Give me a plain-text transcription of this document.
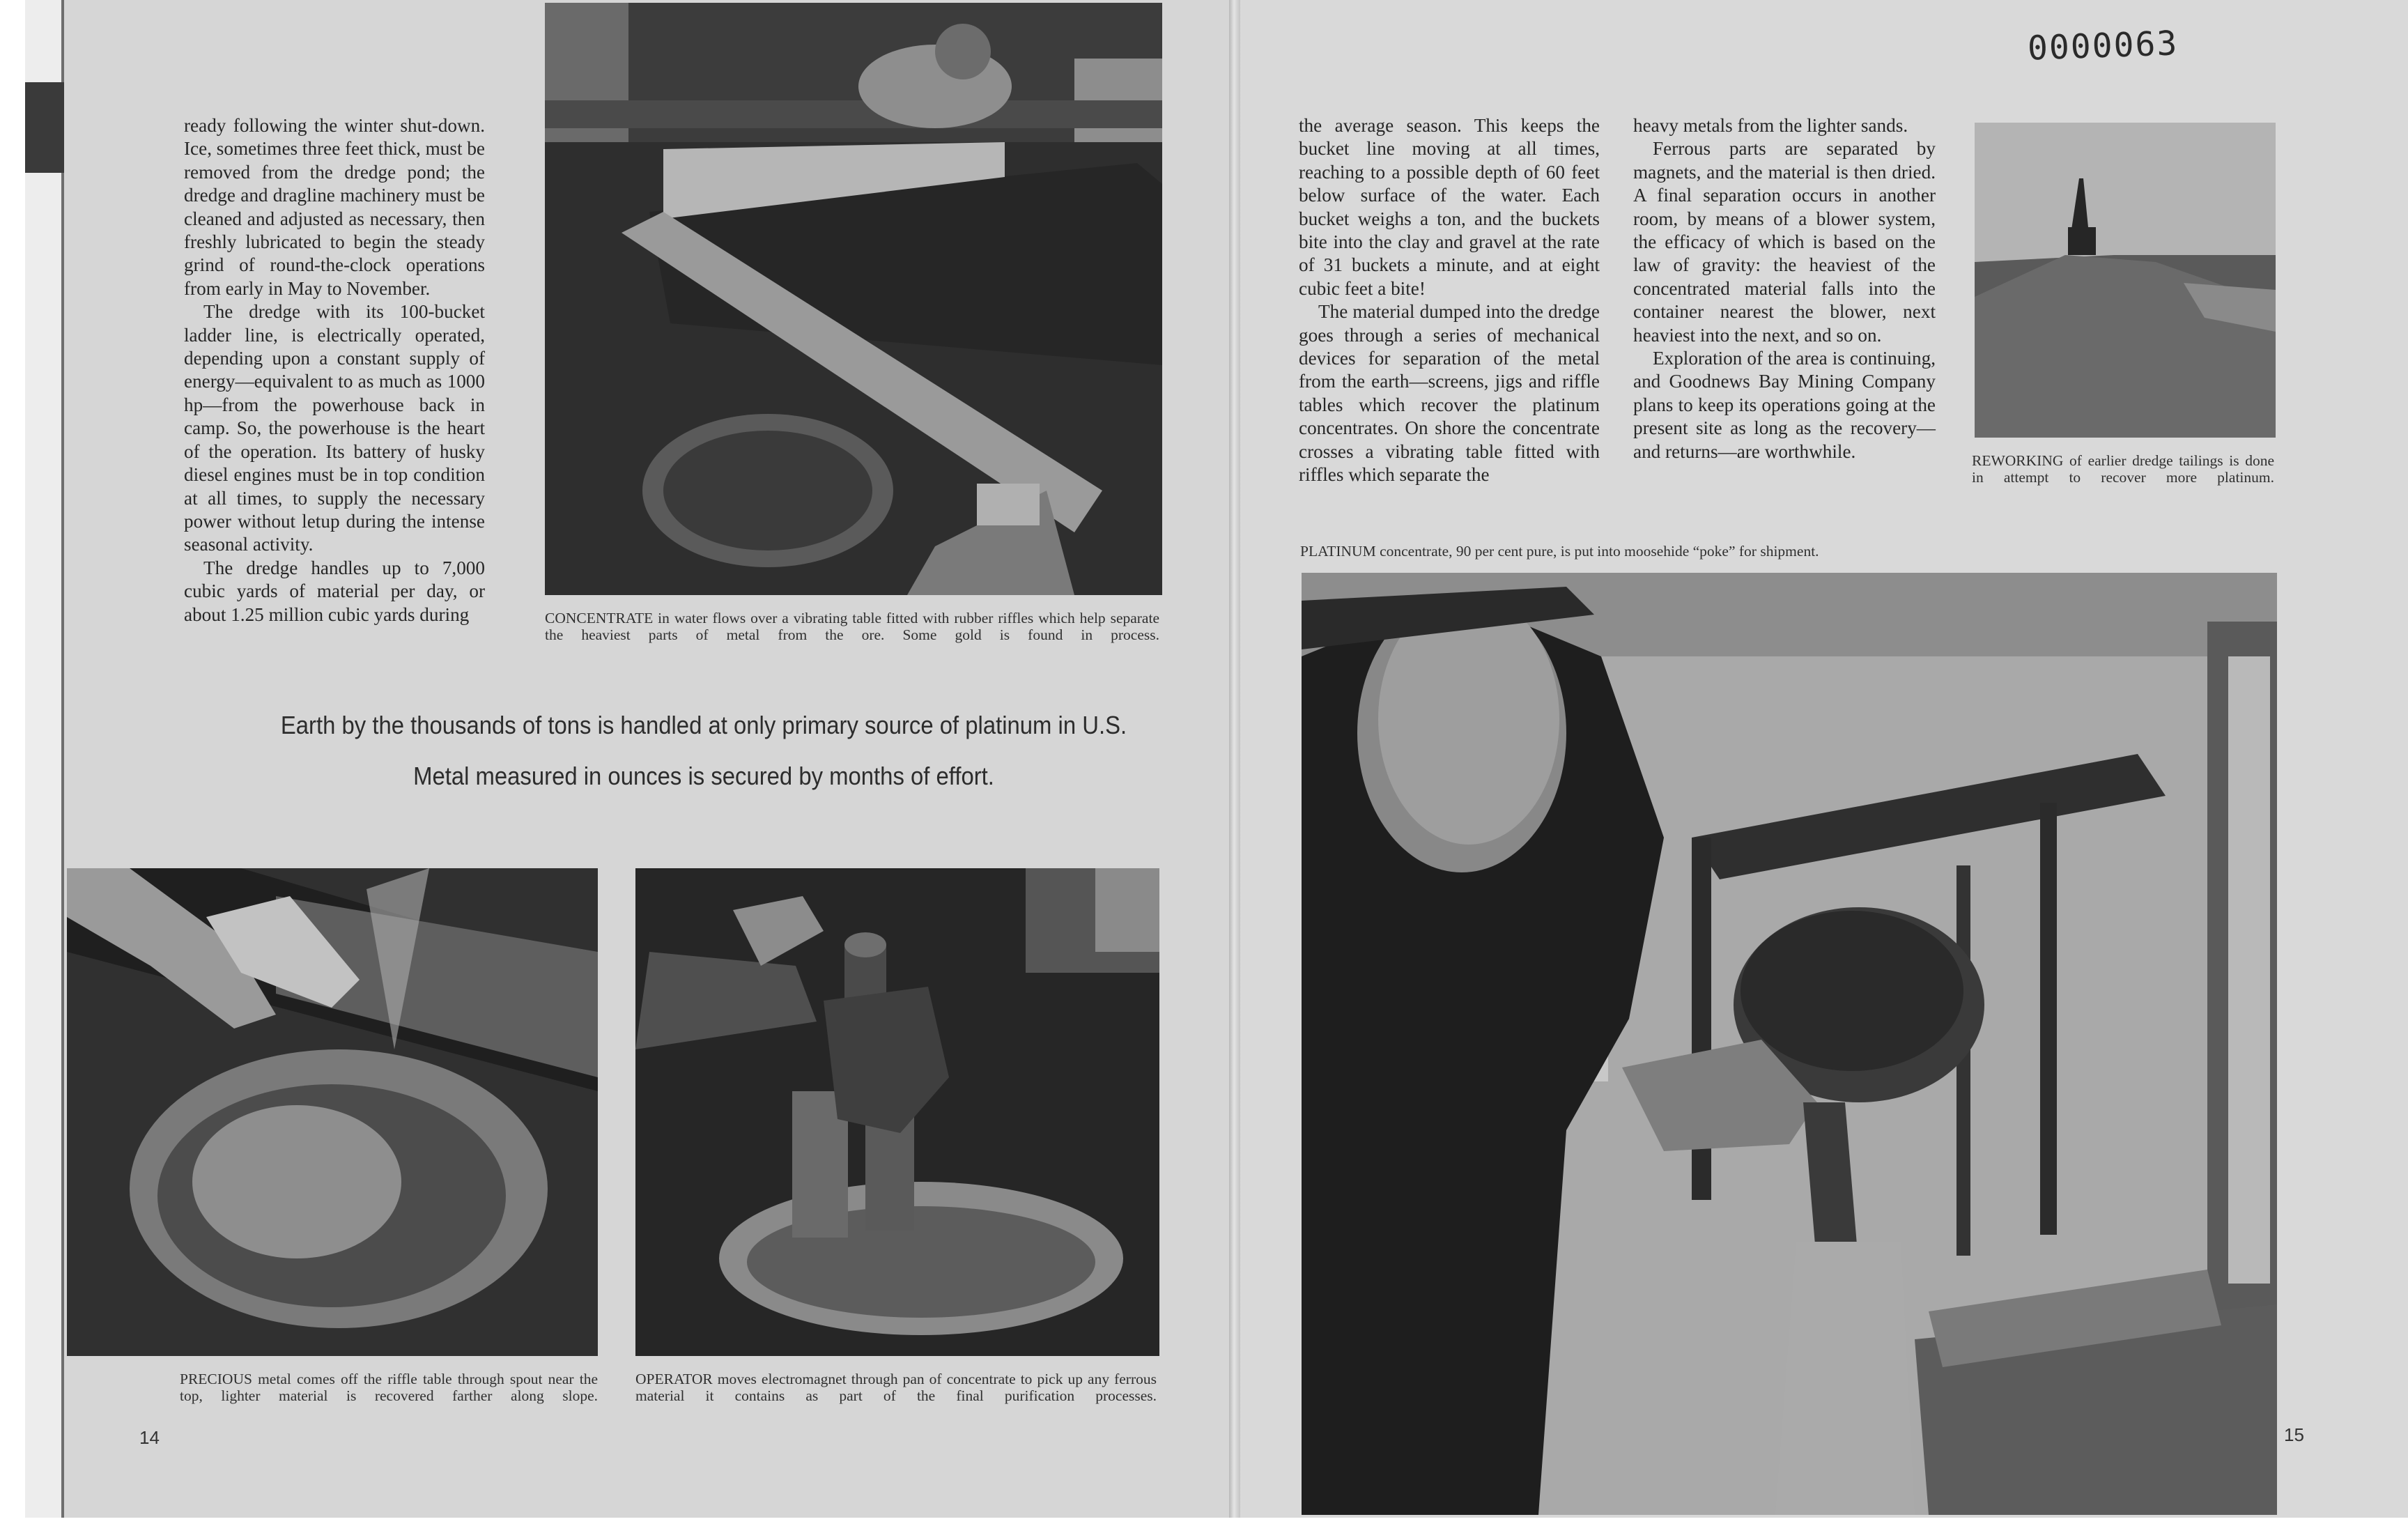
0000063

ready following the winter shut-down. Ice, sometimes three feet thick, must be removed from the dredge pond; the dredge and dragline machinery must be cleaned and adjusted as necessary, then freshly lubricated to begin the steady grind of round-the-clock operations from early in May to November.

The dredge with its 100-bucket ladder line, is electrically operated, depending upon a constant supply of energy—equivalent to as much as 1000 hp—from the powerhouse back in camp. So, the powerhouse is the heart of the operation. Its battery of husky diesel engines must be in top condition at all times, to supply the necessary power without letup during the intense seasonal activity.

The dredge handles up to 7,000 cubic yards of material per day, or about 1.25 million cubic yards during	CONCENTRATE in water flows over a vibrating table fitted with rubber riffles which help separate the heaviest parts of metal from the ore. Some gold is found in process.
Earth by the thousands of tons is handled at only primary source of platinum in U.S.
Metal measured in ounces is secured by months of effort.
PRECIOUS metal comes off the riffle table through spout near the top, lighter material is recovered farther along slope.
OPERATOR moves electromagnet through pan of concentrate to pick up any ferrous material it contains as part of the final purification processes.
14

the average season. This keeps the bucket line moving at all times, reaching to a possible depth of 60 feet below surface of the water. Each bucket weighs a ton, and the buckets bite into the clay and gravel at the rate of 31 buckets a minute, and at eight cubic feet a bite!

The material dumped into the dredge goes through a series of mechanical devices for separation of the metal from the earth—screens, jigs and riffle tables which recover the platinum concentrates. On shore the concentrate crosses a vibrating table fitted with riffles which separate the

heavy metals from the lighter sands.

Ferrous parts are separated by magnets, and the material is then dried. A final separation occurs in another room, by means of a blower system, the efficacy of which is based on the law of gravity: the heaviest of the concentrated material falls into the container nearest the blower, next heaviest into the next, and so on.

Exploration of the area is continuing, and Goodnews Bay Mining Company plans to keep its operations going at the present site as long as the recovery—and returns—are worthwhile.	REWORKING of earlier dredge tailings is done in attempt to recover more platinum.
PLATINUM concentrate, 90 per cent pure, is put into moosehide “poke” for shipment.
15
